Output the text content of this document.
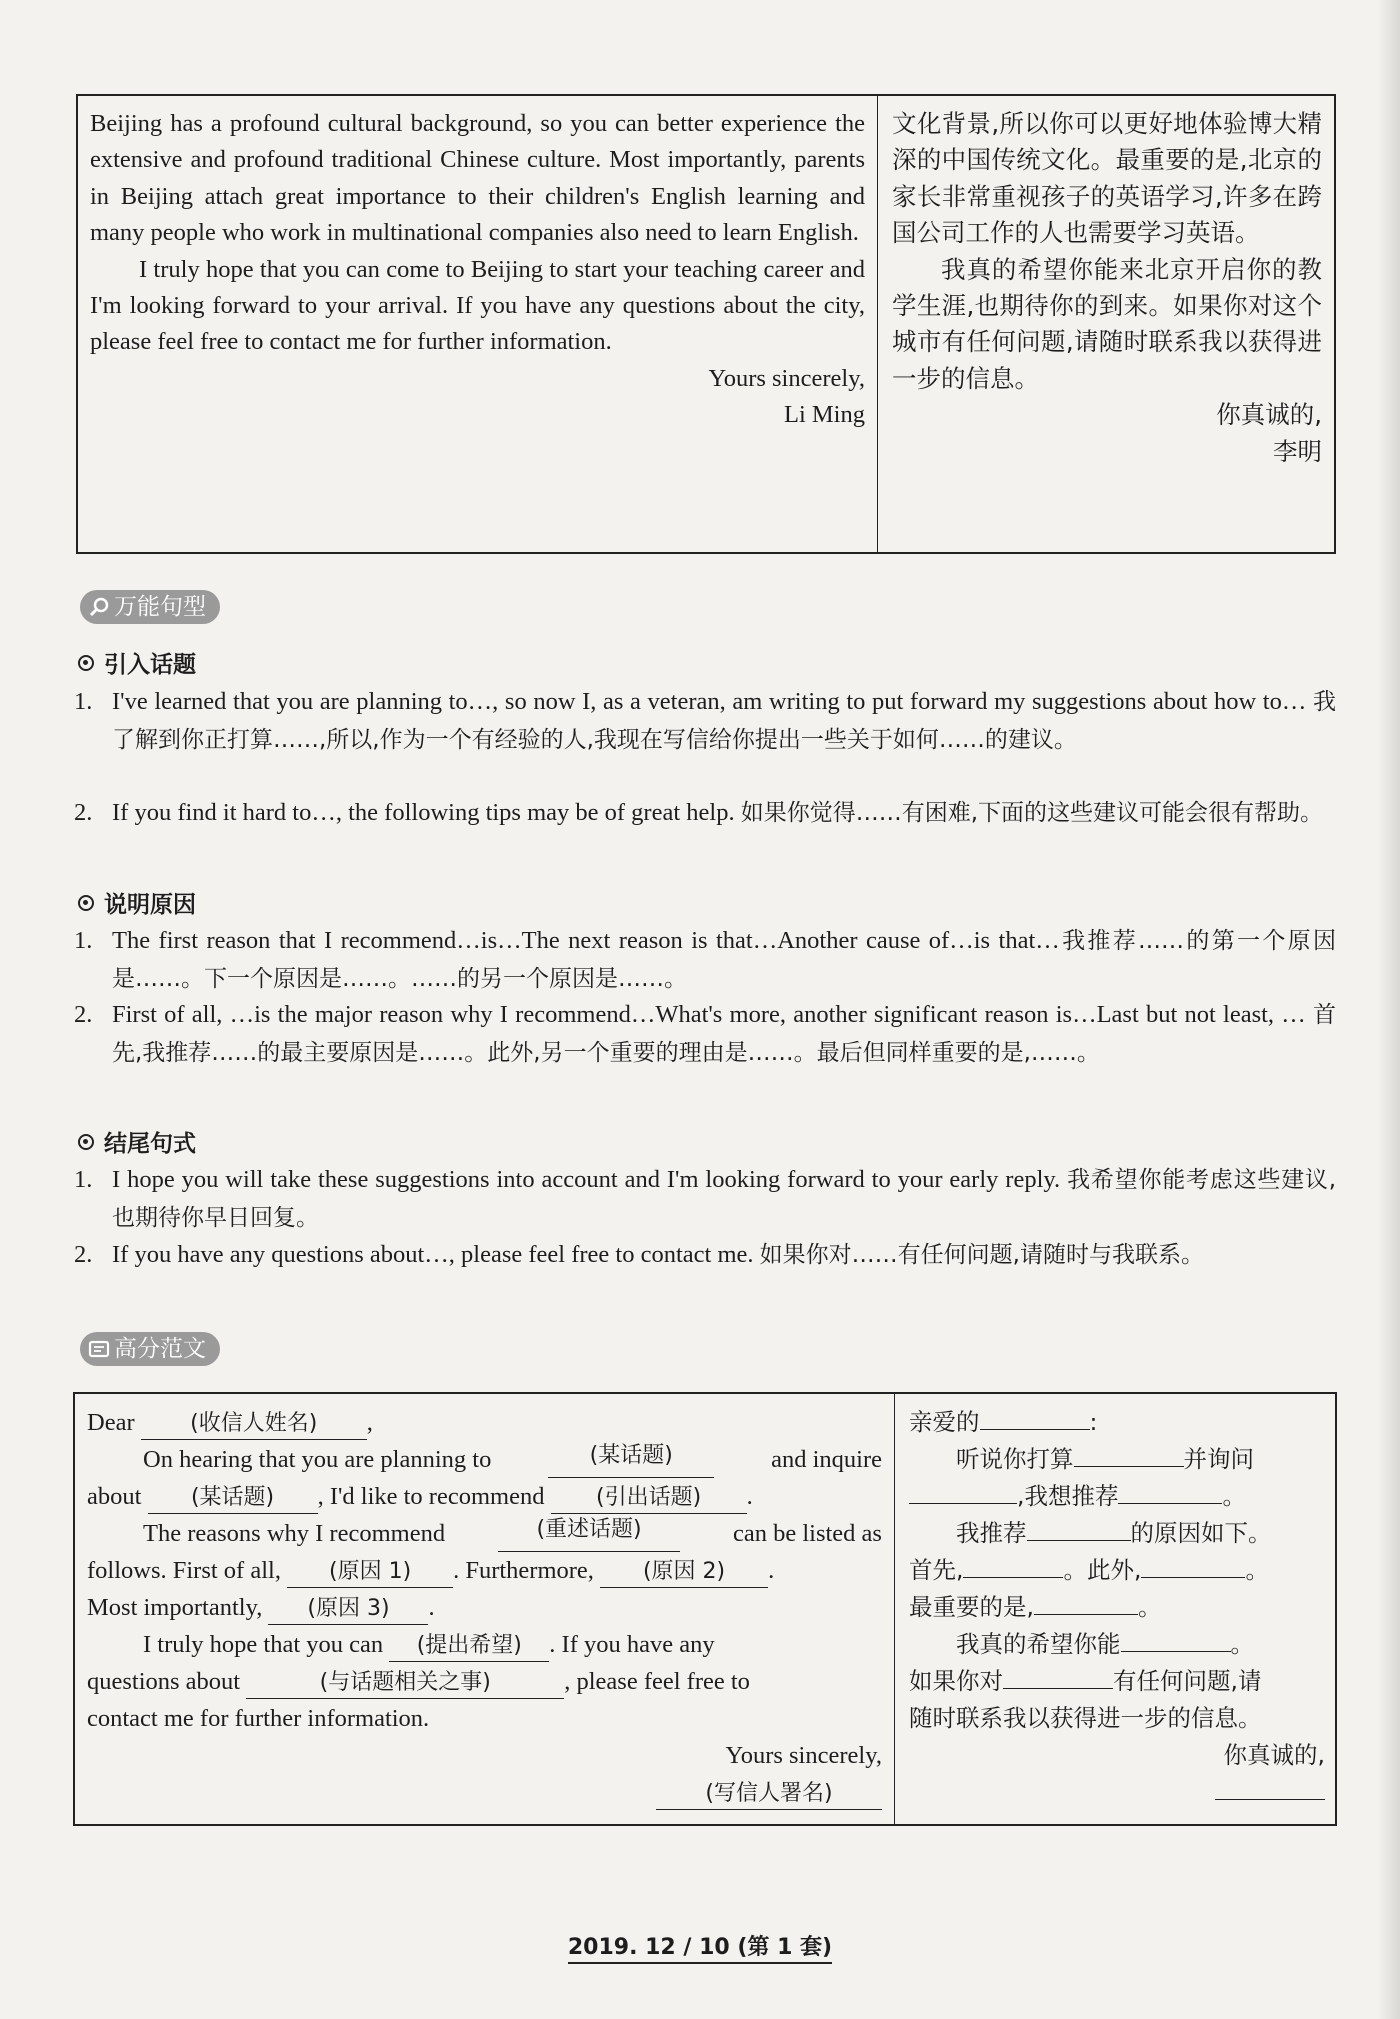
Beijing has a profound cultural background, so you can better experience the extensive and profound traditional Chinese culture. Most importantly, parents in Beijing attach great importance to their children's English learning and many people who work in multinational companies also need to learn English.

I truly hope that you can come to Beijing to start your teaching career and I'm looking forward to your arrival. If you have any questions about the city, please feel free to contact me for further information.

Yours sincerely,

Li Ming

文化背景,所以你可以更好地体验博大精深的中国传统文化。最重要的是,北京的家长非常重视孩子的英语学习,许多在跨国公司工作的人也需要学习英语。

我真的希望你能来北京开启你的教学生涯,也期待你的到来。如果你对这个城市有任何问题,请随时联系我以获得进一步的信息。

你真诚的,

李明

万能句型
引入话题
1. I've learned that you are planning to…, so now I, as a veteran, am writing to put forward my suggestions about how to… 我了解到你正打算……,所以,作为一个有经验的人,我现在写信给你提出一些关于如何……的建议。
2. If you find it hard to…, the following tips may be of great help. 如果你觉得……有困难,下面的这些建议可能会很有帮助。
说明原因
1. The first reason that I recommend…is…The next reason is that…Another cause of…is that…我推荐……的第一个原因是……。下一个原因是……。……的另一个原因是……。
2. First of all, …is the major reason why I recommend…What's more, another significant reason is…Last but not least, … 首先,我推荐……的最主要原因是……。此外,另一个重要的理由是……。最后但同样重要的是,……。
结尾句式
1. I hope you will take these suggestions into account and I'm looking forward to your early reply. 我希望你能考虑这些建议,也期待你早日回复。
2. If you have any questions about…, please feel free to contact me. 如果你对……有任何问题,请随时与我联系。
高分范文
Dear	(收信人姓名) ,
On hearing that you are planning to	(某话题)	and inquire
about (某话题) , I'd like to recommend (引出话题) .
The reasons why I recommend	(重述话题)	can be listed as
follows. First of all, (原因 1) . Furthermore, (原因 2) .
Most importantly, (原因 3) .
I truly hope that you can (提出希望) . If you have any
questions about	(与话题相关之事)	, please feel free to
contact me for further information.
Yours sincerely,
(写信人署名)
亲爱的	:
听说你打算	并询问
,我想推荐	。
我推荐	的原因如下。
首先,	。此外,	。
最重要的是,	。
我真的希望你能	。
如果你对	有任何问题,请
随时联系我以获得进一步的信息。
你真诚的,
2019. 12 / 10 (第 1 套)
